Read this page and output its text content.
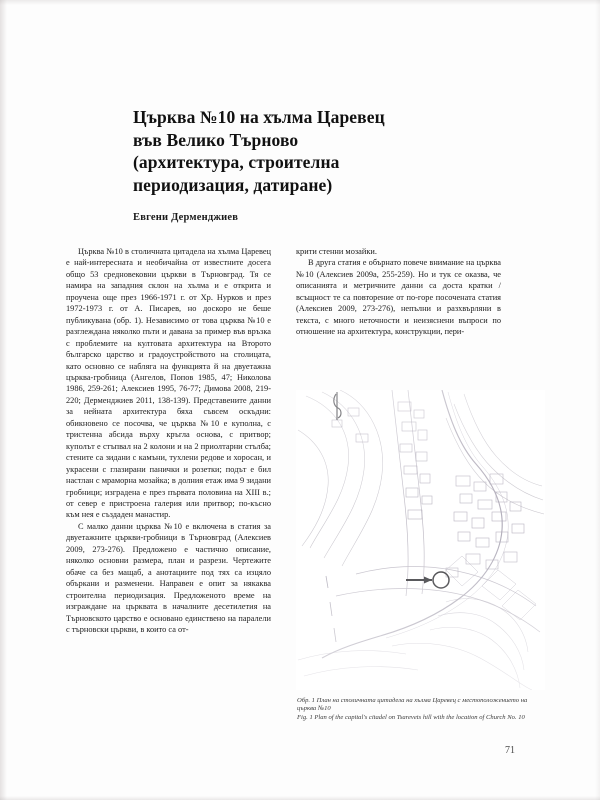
Църква №10 на хълма Царевец
във Велико Търново
(архитектура, строителна
периодизация, датиране)
Евгени Дерменджиев

Църква №10 в столичната цитадела на хълма Царевец е най-интересната и необичайна от известните досега общо 53 средновековни църкви в Търновград. Тя се намира на западния склон на хълма и е открита и проучена още през 1966-1971 г. от Хр. Нурков и през 1972-1973 г. от А. Писарев, но доскоро не беше публикувана (обр. 1). Независимо от това църква №10 е разглеждана няколко пъти и давана за пример във връзка с проблемите на култовата архитектура на Второто българско царство и градоустройството на столицата, като основно се набляга на функцията й на двуетажна църква-гробница (Ангелов, Попов 1985, 47; Николова 1986, 259-261; Алексиев 1995, 76-77; Димова 2008, 219-220; Дерменджиев 2011, 138-139). Представените данни за нейната архитектура бяха съвсем оскъдни: обикновено се посочва, че църква №10 е куполна, с тристенна абсида върху кръгла основа, с притвор; куполът е стъпвал на 2 колони и на 2 приолтарни стълба; стените са зидани с камъни, тухлени редове и хоросан, и украсени с глазирани панички и розетки; подът е бил настлан с мраморна мозайка; в долния етаж има 9 зидани гробници; изградена е през първата половина на XIII в.; от север е пристроена галерия или притвор; по-късно към нея е създаден манастир.

С малко данни църква №10 е включена в статия за двуетажните църкви-гробници в Търновград (Алексиев 2009, 273-276). Предложено е частично описание, няколко основни размера, план и разрези. Чертежите обаче са без мащаб, а анотациите под тях са изцяло объркани и разменени. Направен е опит за някаква строителна периодизация. Предложеното време на изграждане на църквата в началните десетилетия на Търновското царство е основано единствено на паралели с търновски църкви, в които са от-

крити стенни мозайки.

В друга статия е обърнато повече внимание на църква №10 (Алексиев 2009а, 255-259). Но и тук се оказва, че описанията и метричните данни са доста кратки /всъщност те са повторение от по-горе посочената статия (Алексиев 2009, 273-276), непълни и разхвърляни в текста, с много неточности и неизяснени въпроси по отношение на архитектура, конструкции, пери-

Обр. 1 План на столичната цитадела на хълма Царевец с местоположението на църква №10
Fig. 1 Plan of the capital's citadel on Tsarevets hill with the location of Church No. 10
71
